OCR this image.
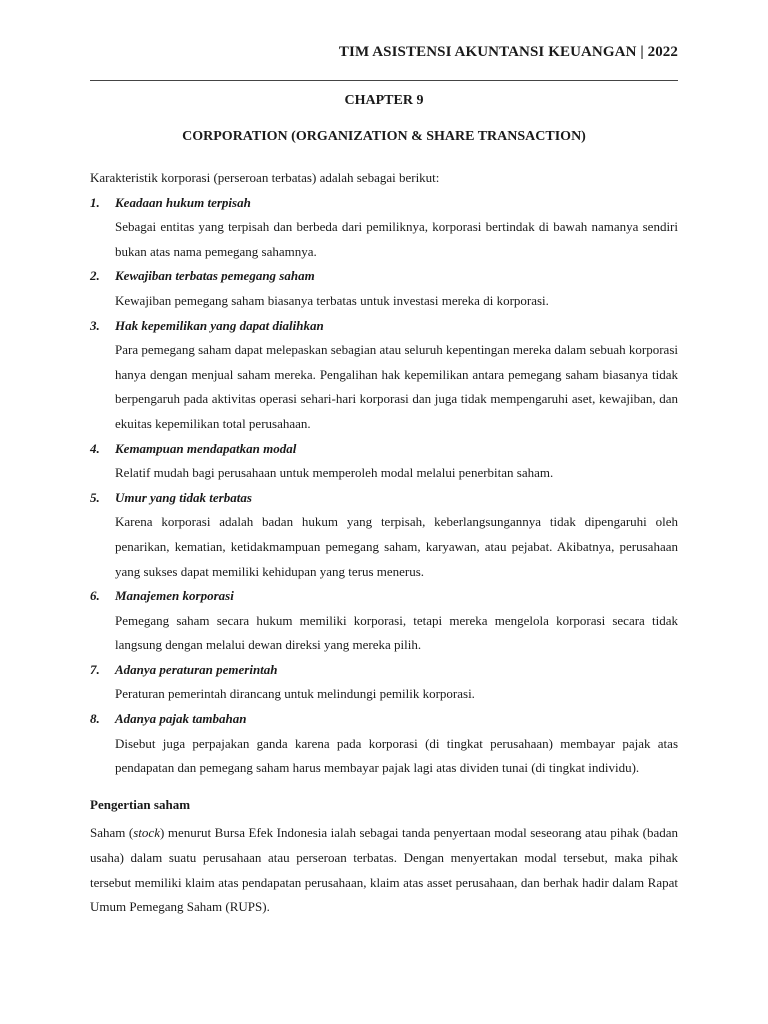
TIM ASISTENSI AKUNTANSI KEUANGAN | 2022
CHAPTER 9
CORPORATION (ORGANIZATION & SHARE TRANSACTION)

Karakteristik korporasi (perseroan terbatas) adalah sebagai berikut:

1.	Keadaan hukum terpisah
Sebagai entitas yang terpisah dan berbeda dari pemiliknya, korporasi bertindak di bawah namanya sendiri bukan atas nama pemegang sahamnya.
2.	Kewajiban terbatas pemegang saham
Kewajiban pemegang saham biasanya terbatas untuk investasi mereka di korporasi.
3.	Hak kepemilikan yang dapat dialihkan
Para pemegang saham dapat melepaskan sebagian atau seluruh kepentingan mereka dalam sebuah korporasi hanya dengan menjual saham mereka. Pengalihan hak kepemilikan antara pemegang saham biasanya tidak berpengaruh pada aktivitas operasi sehari-hari korporasi dan juga tidak mempengaruhi aset, kewajiban, dan ekuitas kepemilikan total perusahaan.
4.	Kemampuan mendapatkan modal
Relatif mudah bagi perusahaan untuk memperoleh modal melalui penerbitan saham.
5.	Umur yang tidak terbatas
Karena korporasi adalah badan hukum yang terpisah, keberlangsungannya tidak dipengaruhi oleh penarikan, kematian, ketidakmampuan pemegang saham, karyawan, atau pejabat. Akibatnya, perusahaan yang sukses dapat memiliki kehidupan yang terus menerus.
6.	Manajemen korporasi
Pemegang saham secara hukum memiliki korporasi, tetapi mereka mengelola korporasi secara tidak langsung dengan melalui dewan direksi yang mereka pilih.
7.	Adanya peraturan pemerintah
Peraturan pemerintah dirancang untuk melindungi pemilik korporasi.
8.	Adanya pajak tambahan
Disebut juga perpajakan ganda karena pada korporasi (di tingkat perusahaan) membayar pajak atas pendapatan dan pemegang saham harus membayar pajak lagi atas dividen tunai (di tingkat individu).
Pengertian saham

Saham (stock) menurut Bursa Efek Indonesia ialah sebagai tanda penyertaan modal seseorang atau pihak (badan usaha) dalam suatu perusahaan atau perseroan terbatas. Dengan menyertakan modal tersebut, maka pihak tersebut memiliki klaim atas pendapatan perusahaan, klaim atas asset perusahaan, dan berhak hadir dalam Rapat Umum Pemegang Saham (RUPS).
